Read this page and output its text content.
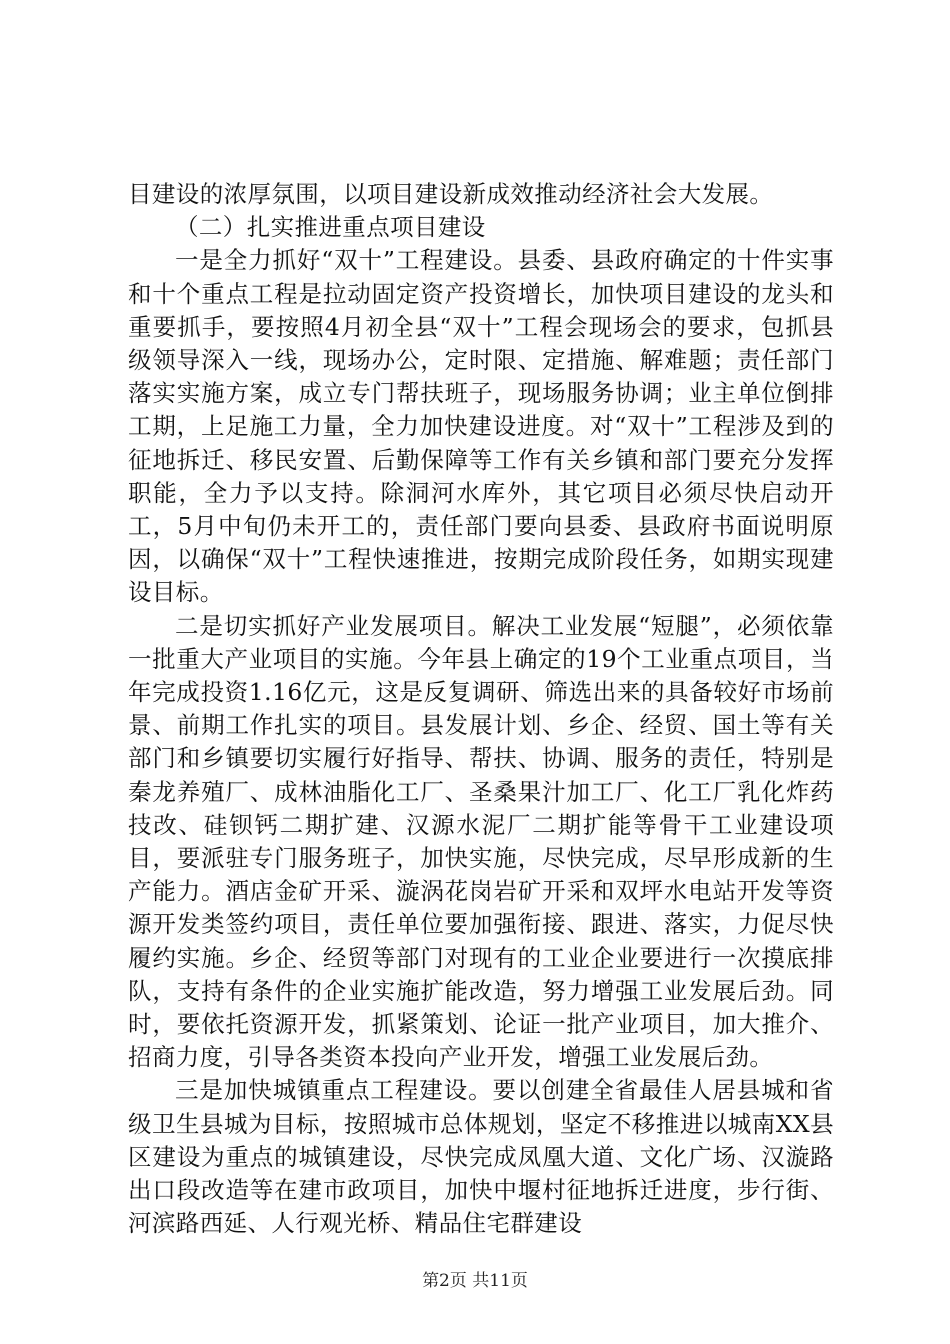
目建设的浓厚氛围，以项目建设新成效推动经济社会大发展。

（二）扎实推进重点项目建设

一是全力抓好“双十”工程建设。县委、县政府确定的十件实事和十个重点工程是拉动固定资产投资增长，加快项目建设的龙头和重要抓手，要按照4月初全县“双十”工程会现场会的要求，包抓县级领导深入一线，现场办公，定时限、定措施、解难题；责任部门落实实施方案，成立专门帮扶班子，现场服务协调；业主单位倒排工期，上足施工力量，全力加快建设进度。对“双十”工程涉及到的征地拆迁、移民安置、后勤保障等工作有关乡镇和部门要充分发挥职能，全力予以支持。除洞河水库外，其它项目必须尽快启动开工，5月中旬仍未开工的，责任部门要向县委、县政府书面说明原因，以确保“双十”工程快速推进，按期完成阶段任务，如期实现建设目标。

二是切实抓好产业发展项目。解决工业发展“短腿”，必须依靠一批重大产业项目的实施。今年县上确定的19个工业重点项目，当年完成投资1.16亿元，这是反复调研、筛选出来的具备较好市场前景、前期工作扎实的项目。县发展计划、乡企、经贸、国土等有关部门和乡镇要切实履行好指导、帮扶、协调、服务的责任，特别是秦龙养殖厂、成林油脂化工厂、圣桑果汁加工厂、化工厂乳化炸药技改、硅钡钙二期扩建、汉源水泥厂二期扩能等骨干工业建设项目，要派驻专门服务班子，加快实施，尽快完成，尽早形成新的生产能力。酒店金矿开采、漩涡花岗岩矿开采和双坪水电站开发等资源开发类签约项目，责任单位要加强衔接、跟进、落实，力促尽快履约实施。乡企、经贸等部门对现有的工业企业要进行一次摸底排队，支持有条件的企业实施扩能改造，努力增强工业发展后劲。同时，要依托资源开发，抓紧策划、论证一批产业项目，加大推介、招商力度，引导各类资本投向产业开发，增强工业发展后劲。

三是加快城镇重点工程建设。要以创建全省最佳人居县城和省级卫生县城为目标，按照城市总体规划，坚定不移推进以城南XX县区建设为重点的城镇建设，尽快完成凤凰大道、文化广场、汉漩路出口段改造等在建市政项目，加快中堰村征地拆迁进度，步行街、河滨路西延、人行观光桥、精品住宅群建设

第2页 共11页
